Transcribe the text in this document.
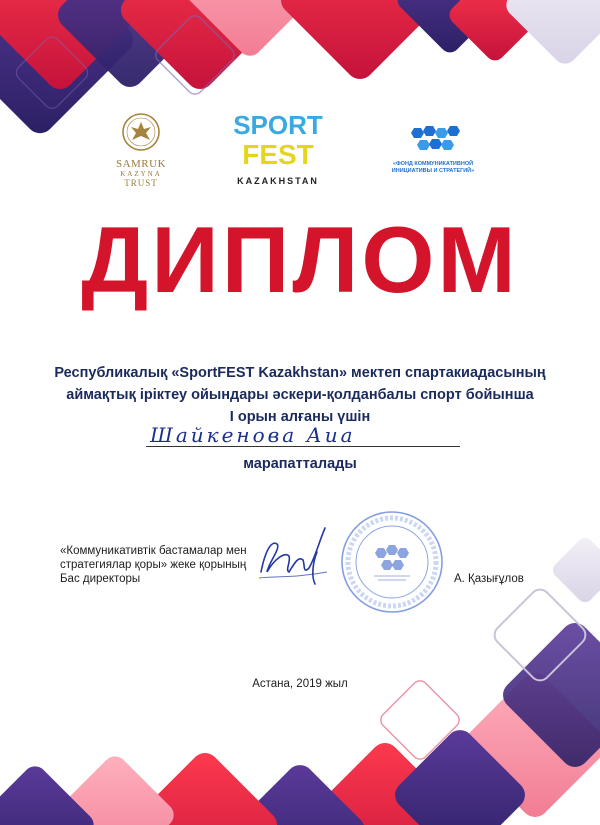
SAMRUK
KAZYNA
TRUST
SPORT
FEST
KAZAKHSTAN
«ФОНД КОММУНИКАТИВНОЙ
ИНИЦИАТИВЫ И СТРАТЕГИЙ»
ДИПЛОМ
Республикалық «SportFEST Kazakhstan» мектеп спартакиадасының
аймақтық іріктеу ойындары әскери-қолданбалы спорт бойынша
I орын алғаны үшін
Шайкенова Аиа
марапатталады
«Коммуникативтік бастамалар мен
стратегиялар қоры» жеке қорының
Бас директоры	А. Қазығұлов
Астана, 2019 жыл
